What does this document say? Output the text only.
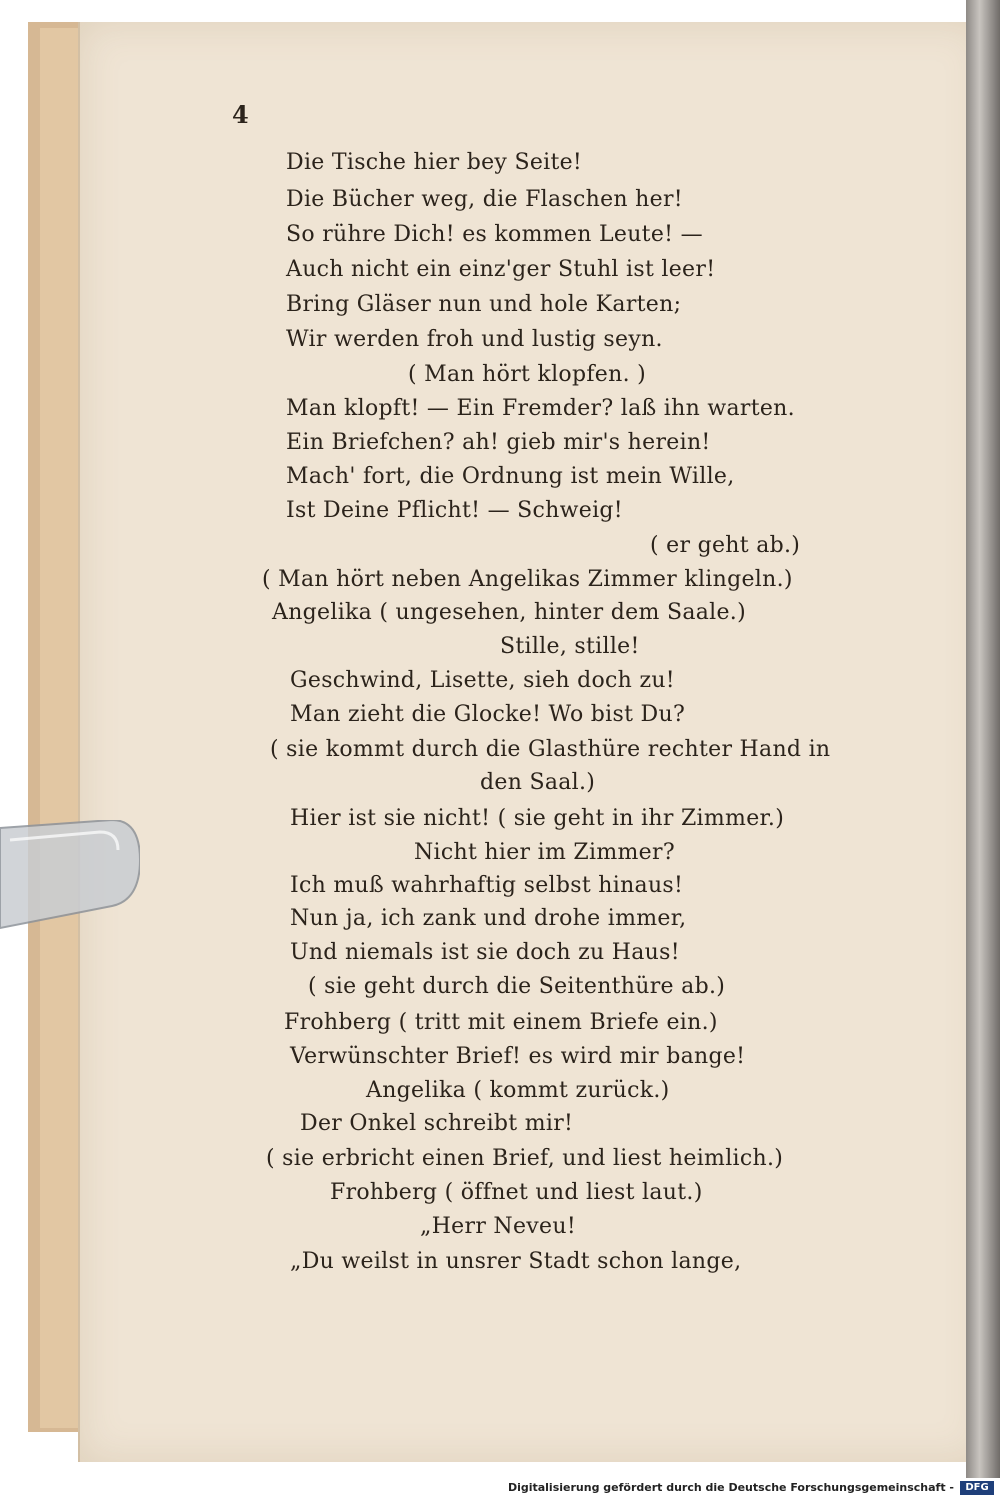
4
Die Tische hier bey Seite!
Die Bücher weg, die Flaschen her!
So rühre Dich! es kommen Leute! —
Auch nicht ein einz'ger Stuhl ist leer!
Bring Gläser nun und hole Karten;
Wir werden froh und lustig seyn.
( Man hört klopfen. )
Man klopft! — Ein Fremder? laß ihn warten.
Ein Briefchen? ah! gieb mir's herein!
Mach' fort, die Ordnung ist mein Wille,
Ist Deine Pflicht! — Schweig!
( er geht ab.)
( Man hört neben Angelikas Zimmer klingeln.)
Angelika ( ungesehen, hinter dem Saale.)
Stille, stille!
Geschwind, Lisette, sieh doch zu!
Man zieht die Glocke! Wo bist Du?
( sie kommt durch die Glasthüre rechter Hand in
den Saal.)
Hier ist sie nicht! ( sie geht in ihr Zimmer.)
Nicht hier im Zimmer?
Ich muß wahrhaftig selbst hinaus!
Nun ja, ich zank und drohe immer,
Und niemals ist sie doch zu Haus!
( sie geht durch die Seitenthüre ab.)
Frohberg ( tritt mit einem Briefe ein.)
Verwünschter Brief! es wird mir bange!
Angelika ( kommt zurück.)
Der Onkel schreibt mir!
( sie erbricht einen Brief, und liest heimlich.)
Frohberg ( öffnet und liest laut.)
„Herr Neveu!
„Du weilst in unsrer Stadt schon lange,
Digitalisierung gefördert durch die Deutsche Forschungsgemeinschaft -	DFG
